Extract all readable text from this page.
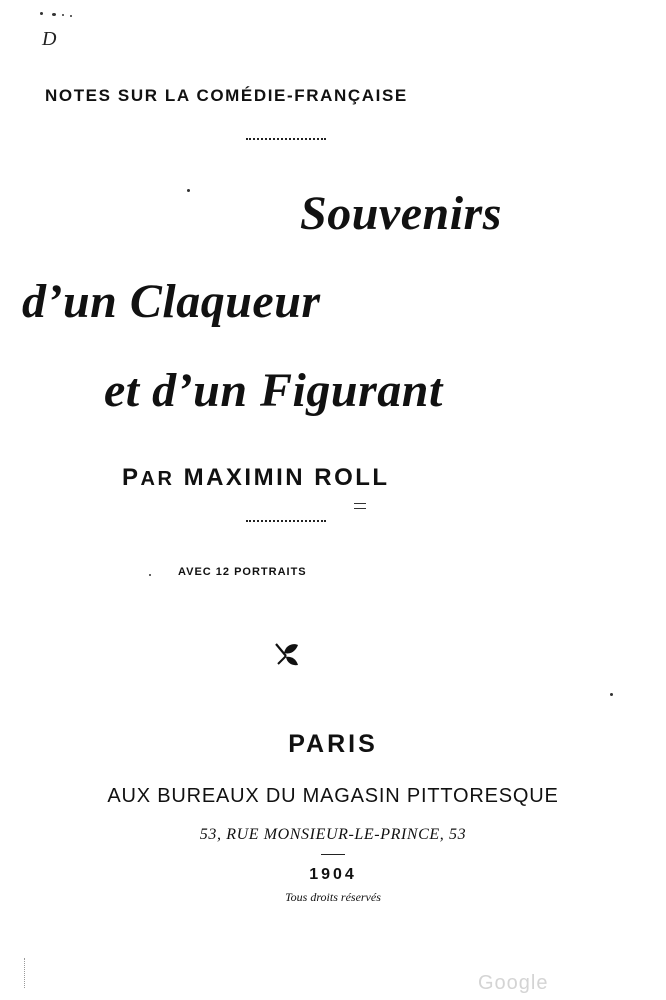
D
NOTES SUR LA COMÉDIE-FRANÇAISE
Souvenirs
d’un Claqueur
et d’un Figurant
PAR MAXIMIN ROLL
AVEC 12 PORTRAITS
PARIS
AUX BUREAUX DU MAGASIN PITTORESQUE
53, RUE MONSIEUR-LE-PRINCE, 53
1904
Tous droits réservés
Google
